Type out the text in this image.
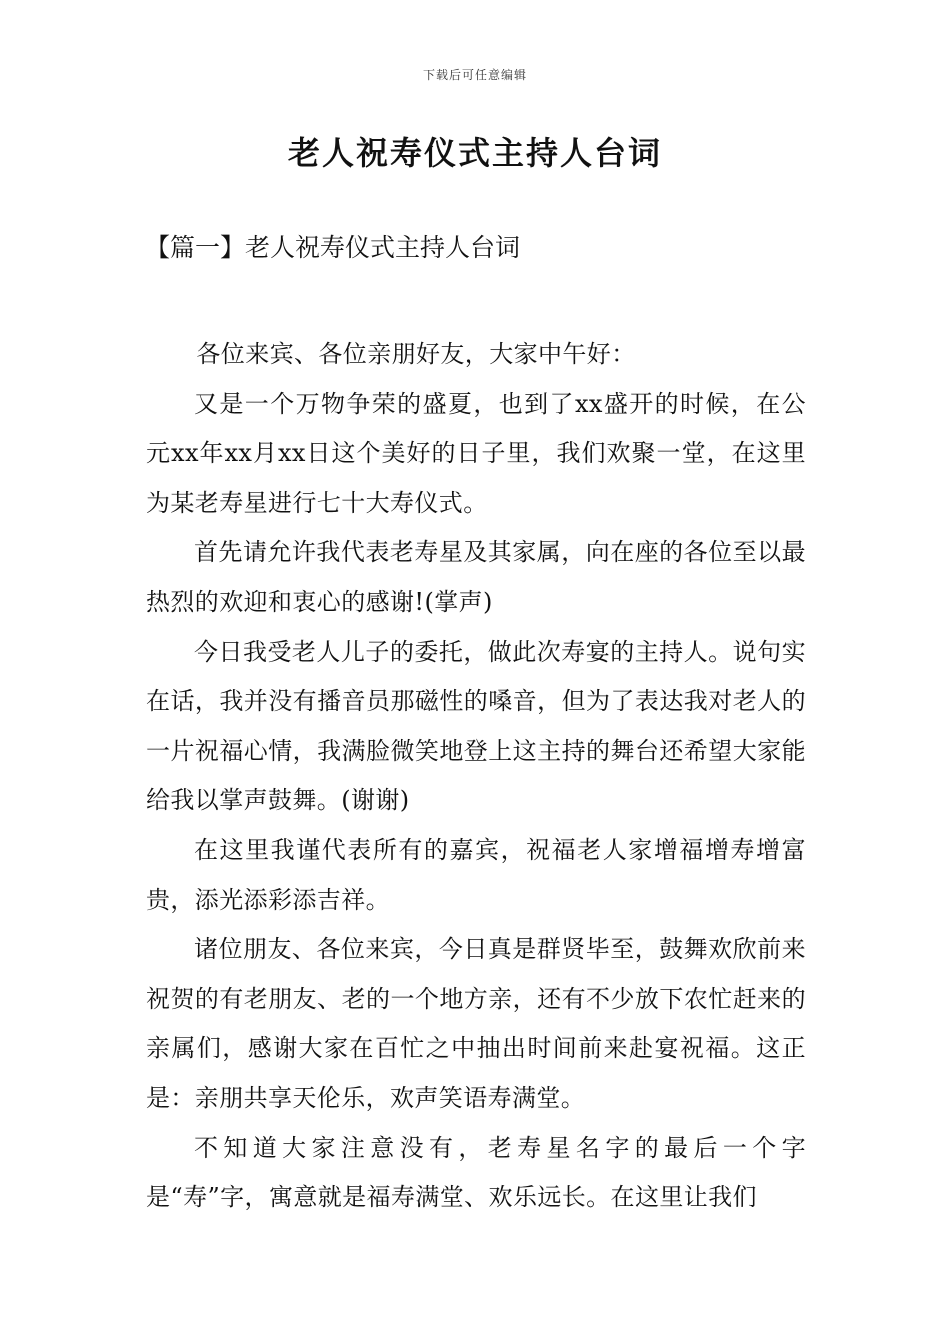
下载后可任意编辑
老人祝寿仪式主持人台词
【篇一】老人祝寿仪式主持人台词

各位来宾、各位亲朋好友，大家中午好：

又是一个万物争荣的盛夏，也到了xx盛开的时候，在公元xx年xx月xx日这个美好的日子里，我们欢聚一堂，在这里为某老寿星进行七十大寿仪式。

首先请允许我代表老寿星及其家属，向在座的各位至以最热烈的欢迎和衷心的感谢!(掌声)

今日我受老人儿子的委托，做此次寿宴的主持人。说句实在话，我并没有播音员那磁性的嗓音，但为了表达我对老人的一片祝福心情，我满脸微笑地登上这主持的舞台还希望大家能给我以掌声鼓舞。(谢谢)

在这里我谨代表所有的嘉宾，祝福老人家增福增寿增富贵，添光添彩添吉祥。

诸位朋友、各位来宾，今日真是群贤毕至，鼓舞欢欣前来祝贺的有老朋友、老的一个地方亲，还有不少放下农忙赶来的亲属们，感谢大家在百忙之中抽出时间前来赴宴祝福。这正是：亲朋共享天伦乐，欢声笑语寿满堂。

不知道大家注意没有，老寿星名字的最后一个字是“寿”字，寓意就是福寿满堂、欢乐远长。在这里让我们
